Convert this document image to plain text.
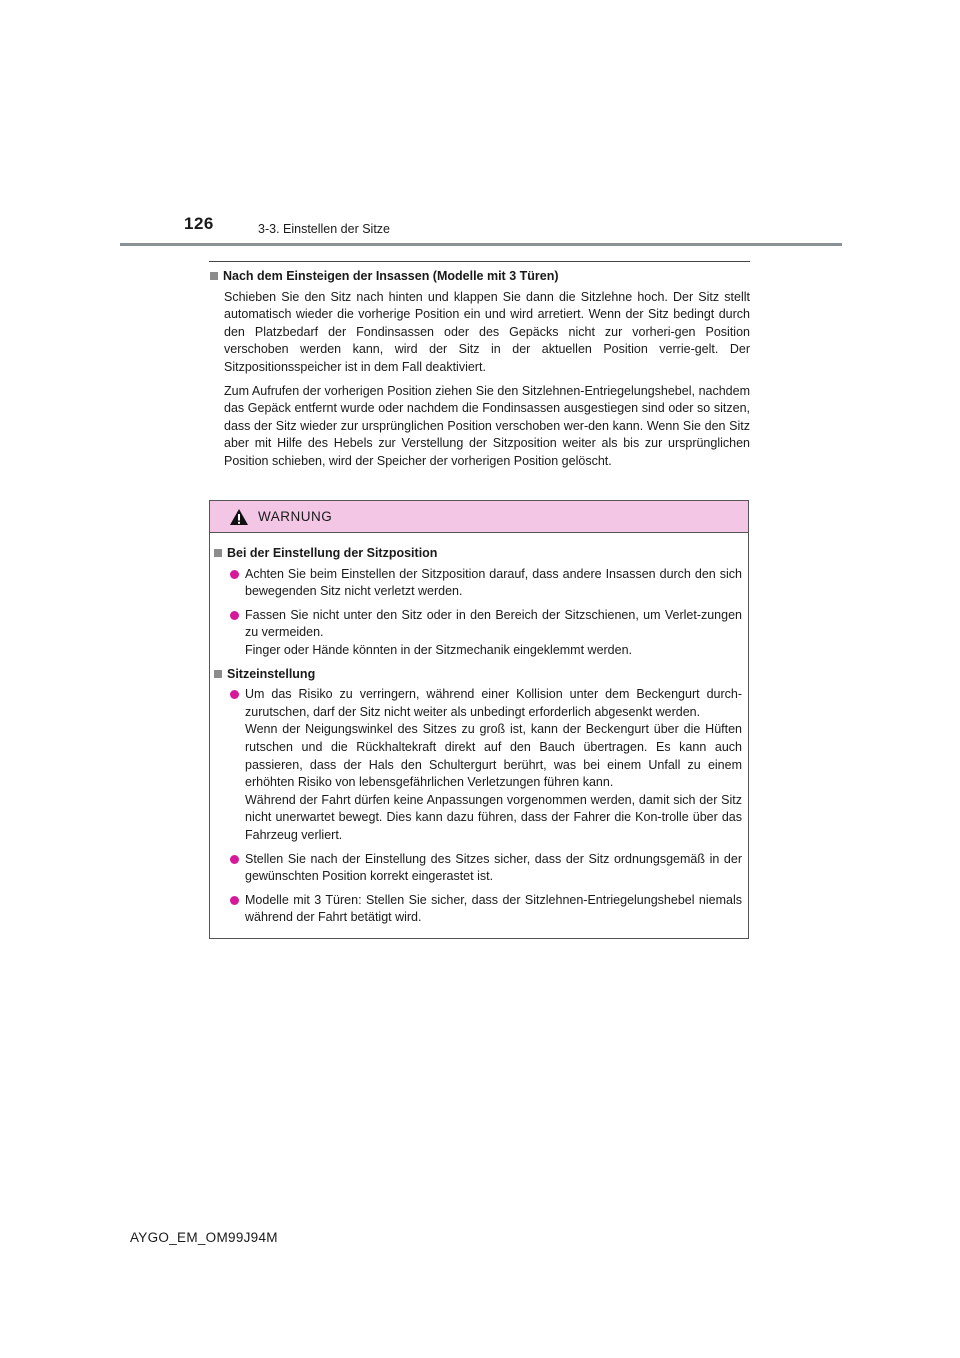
126	3-3. Einstellen der Sitze
Nach dem Einsteigen der Insassen (Modelle mit 3 Türen)
Schieben Sie den Sitz nach hinten und klappen Sie dann die Sitzlehne hoch. Der Sitz stellt automatisch wieder die vorherige Position ein und wird arretiert. Wenn der Sitz bedingt durch den Platzbedarf der Fondinsassen oder des Gepäcks nicht zur vorheri-gen Position verschoben werden kann, wird der Sitz in der aktuellen Position verrie-gelt. Der Sitzpositionsspeicher ist in dem Fall deaktiviert.
Zum Aufrufen der vorherigen Position ziehen Sie den Sitzlehnen-Entriegelungshebel, nachdem das Gepäck entfernt wurde oder nachdem die Fondinsassen ausgestiegen sind oder so sitzen, dass der Sitz wieder zur ursprünglichen Position verschoben wer-den kann. Wenn Sie den Sitz aber mit Hilfe des Hebels zur Verstellung der Sitzposition weiter als bis zur ursprünglichen Position schieben, wird der Speicher der vorherigen Position gelöscht.
WARNUNG
Bei der Einstellung der Sitzposition
Achten Sie beim Einstellen der Sitzposition darauf, dass andere Insassen durch den sich bewegenden Sitz nicht verletzt werden.
Fassen Sie nicht unter den Sitz oder in den Bereich der Sitzschienen, um Verlet-zungen zu vermeiden.
Finger oder Hände könnten in der Sitzmechanik eingeklemmt werden.
Sitzeinstellung
Um das Risiko zu verringern, während einer Kollision unter dem Beckengurt durch-zurutschen, darf der Sitz nicht weiter als unbedingt erforderlich abgesenkt werden.
Wenn der Neigungswinkel des Sitzes zu groß ist, kann der Beckengurt über die Hüften rutschen und die Rückhaltekraft direkt auf den Bauch übertragen. Es kann auch passieren, dass der Hals den Schultergurt berührt, was bei einem Unfall zu einem erhöhten Risiko von lebensgefährlichen Verletzungen führen kann.
Während der Fahrt dürfen keine Anpassungen vorgenommen werden, damit sich der Sitz nicht unerwartet bewegt. Dies kann dazu führen, dass der Fahrer die Kon-trolle über das Fahrzeug verliert.
Stellen Sie nach der Einstellung des Sitzes sicher, dass der Sitz ordnungsgemäß in der gewünschten Position korrekt eingerastet ist.
Modelle mit 3 Türen: Stellen Sie sicher, dass der Sitzlehnen-Entriegelungshebel niemals während der Fahrt betätigt wird.
AYGO_EM_OM99J94M
